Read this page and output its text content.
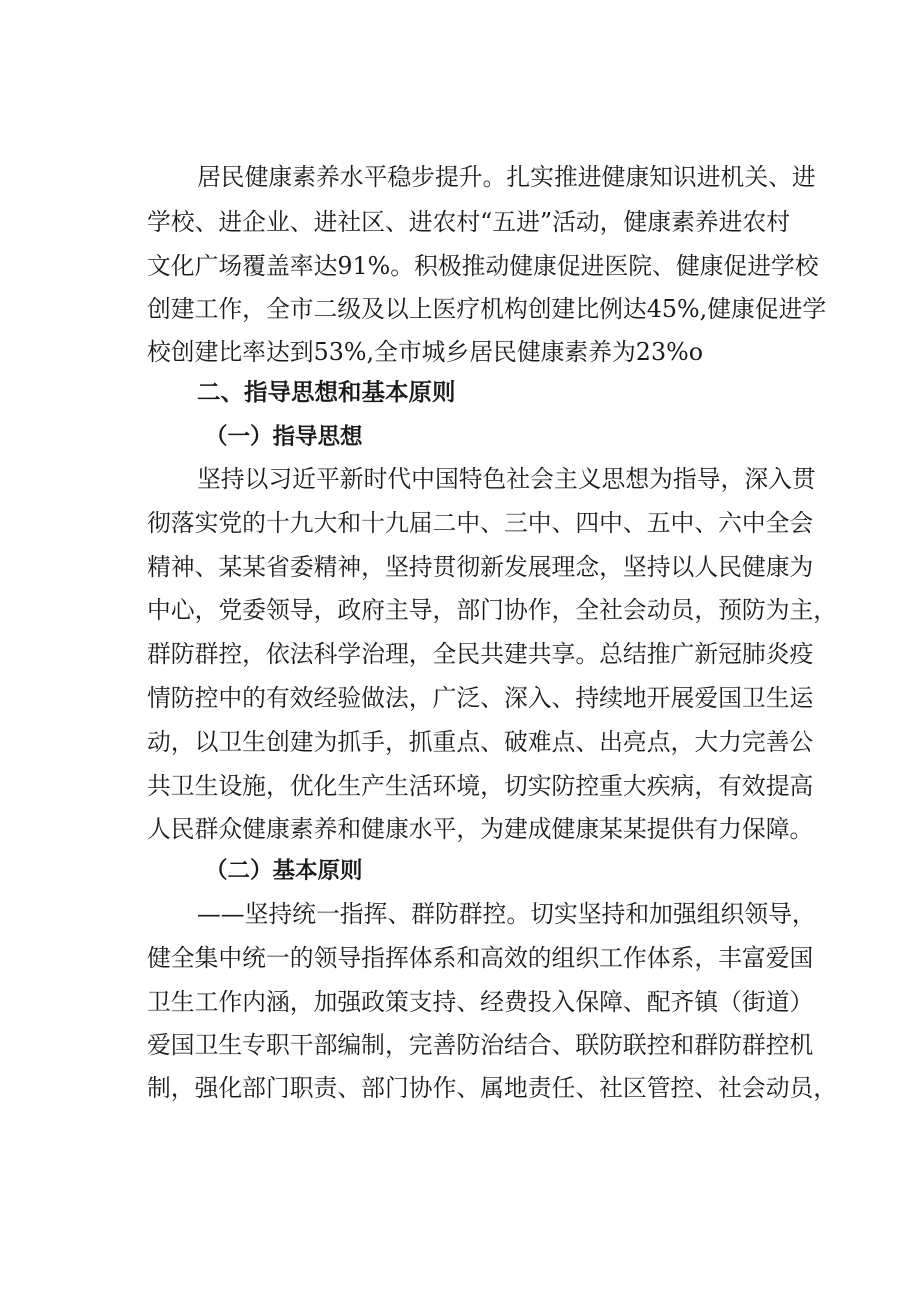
居民健康素养水平稳步提升。扎实推进健康知识进机关、进
学校、进企业、进社区、进农村“五进”活动，健康素养进农村
文化广场覆盖率达91%。积极推动健康促进医院、健康促进学校
创建工作，全市二级及以上医疗机构创建比例达45%,健康促进学
校创建比率达到53%,全市城乡居民健康素养为23%o
二、指导思想和基本原则
（一）指导思想
坚持以习近平新时代中国特色社会主义思想为指导，深入贯
彻落实党的十九大和十九届二中、三中、四中、五中、六中全会
精神、某某省委精神，坚持贯彻新发展理念，坚持以人民健康为
中心，党委领导，政府主导，部门协作，全社会动员，预防为主，
群防群控，依法科学治理，全民共建共享。总结推广新冠肺炎疫
情防控中的有效经验做法，广泛、深入、持续地开展爱国卫生运
动，以卫生创建为抓手，抓重点、破难点、出亮点，大力完善公
共卫生设施，优化生产生活环境，切实防控重大疾病，有效提高
人民群众健康素养和健康水平，为建成健康某某提供有力保障。
（二）基本原则
——坚持统一指挥、群防群控。切实坚持和加强组织领导，
健全集中统一的领导指挥体系和高效的组织工作体系，丰富爱国
卫生工作内涵，加强政策支持、经费投入保障、配齐镇（街道）
爱国卫生专职干部编制，完善防治结合、联防联控和群防群控机
制，强化部门职责、部门协作、属地责任、社区管控、社会动员，
